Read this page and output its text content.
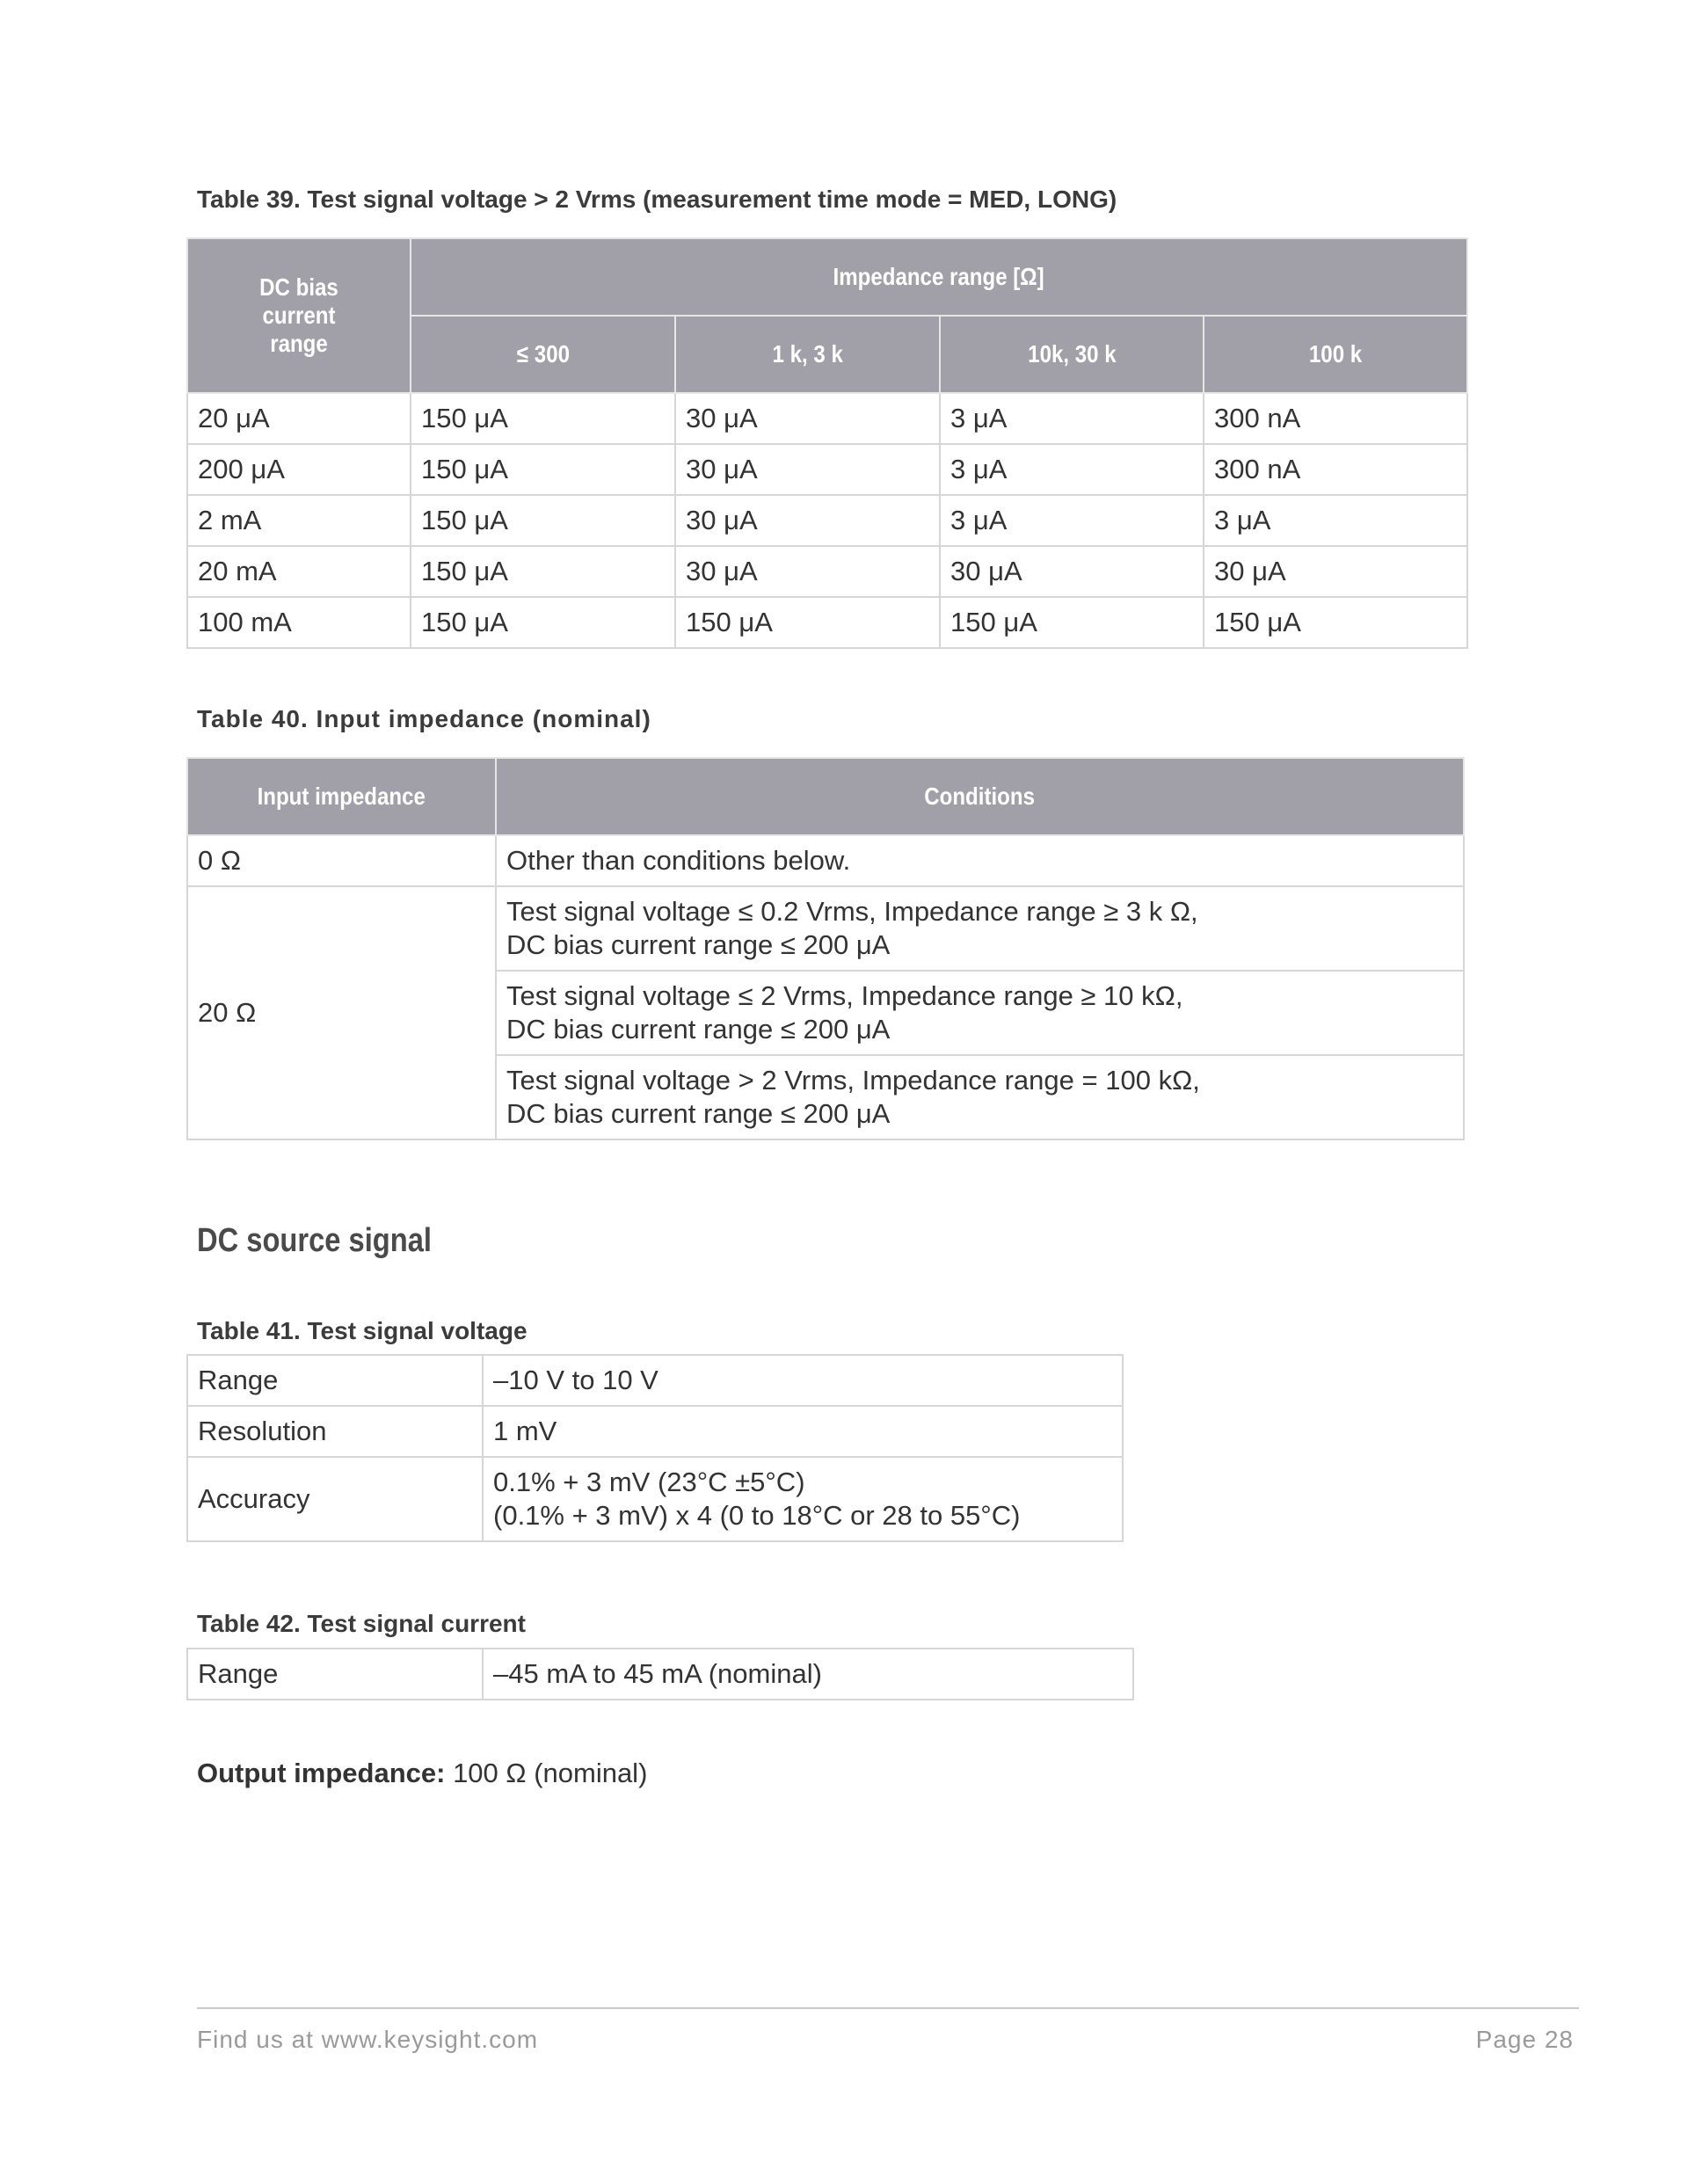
Table 39. Test signal voltage > 2 Vrms (measurement time mode = MED, LONG)
DC bias current range	Impedance range [Ω]			
	≤ 300	1 k, 3 k	10k, 30 k	100 k
20 μA	150 μA	30 μA	3 μA	300 nA
200 μA	150 μA	30 μA	3 μA	300 nA
2 mA	150 μA	30 μA	3 μA	3 μA
20 mA	150 μA	30 μA	30 μA	30 μA
100 mA	150 μA	150 μA	150 μA	150 μA
Table 40. Input impedance (nominal)
Input impedance	Conditions
0 Ω	Other than conditions below.
20 Ω	Test signal voltage ≤ 0.2 Vrms, Impedance range ≥ 3 k Ω,
DC bias current range ≤ 200 μA

	Test signal voltage ≤ 2 Vrms, Impedance range ≥ 10 kΩ,
DC bias current range ≤ 200 μA

	Test signal voltage > 2 Vrms, Impedance range = 100 kΩ,
DC bias current range ≤ 200 μA
DC source signal
Table 41. Test signal voltage
Range	–10 V to 10 V
Resolution	1 mV
Accuracy	0.1% + 3 mV (23°C ±5°C)
(0.1% + 3 mV) x 4 (0 to 18°C or 28 to 55°C)
Table 42. Test signal current
Range	–45 mA to 45 mA (nominal)
Output impedance: 100 Ω (nominal)
Find us at www.keysight.com	Page 28
